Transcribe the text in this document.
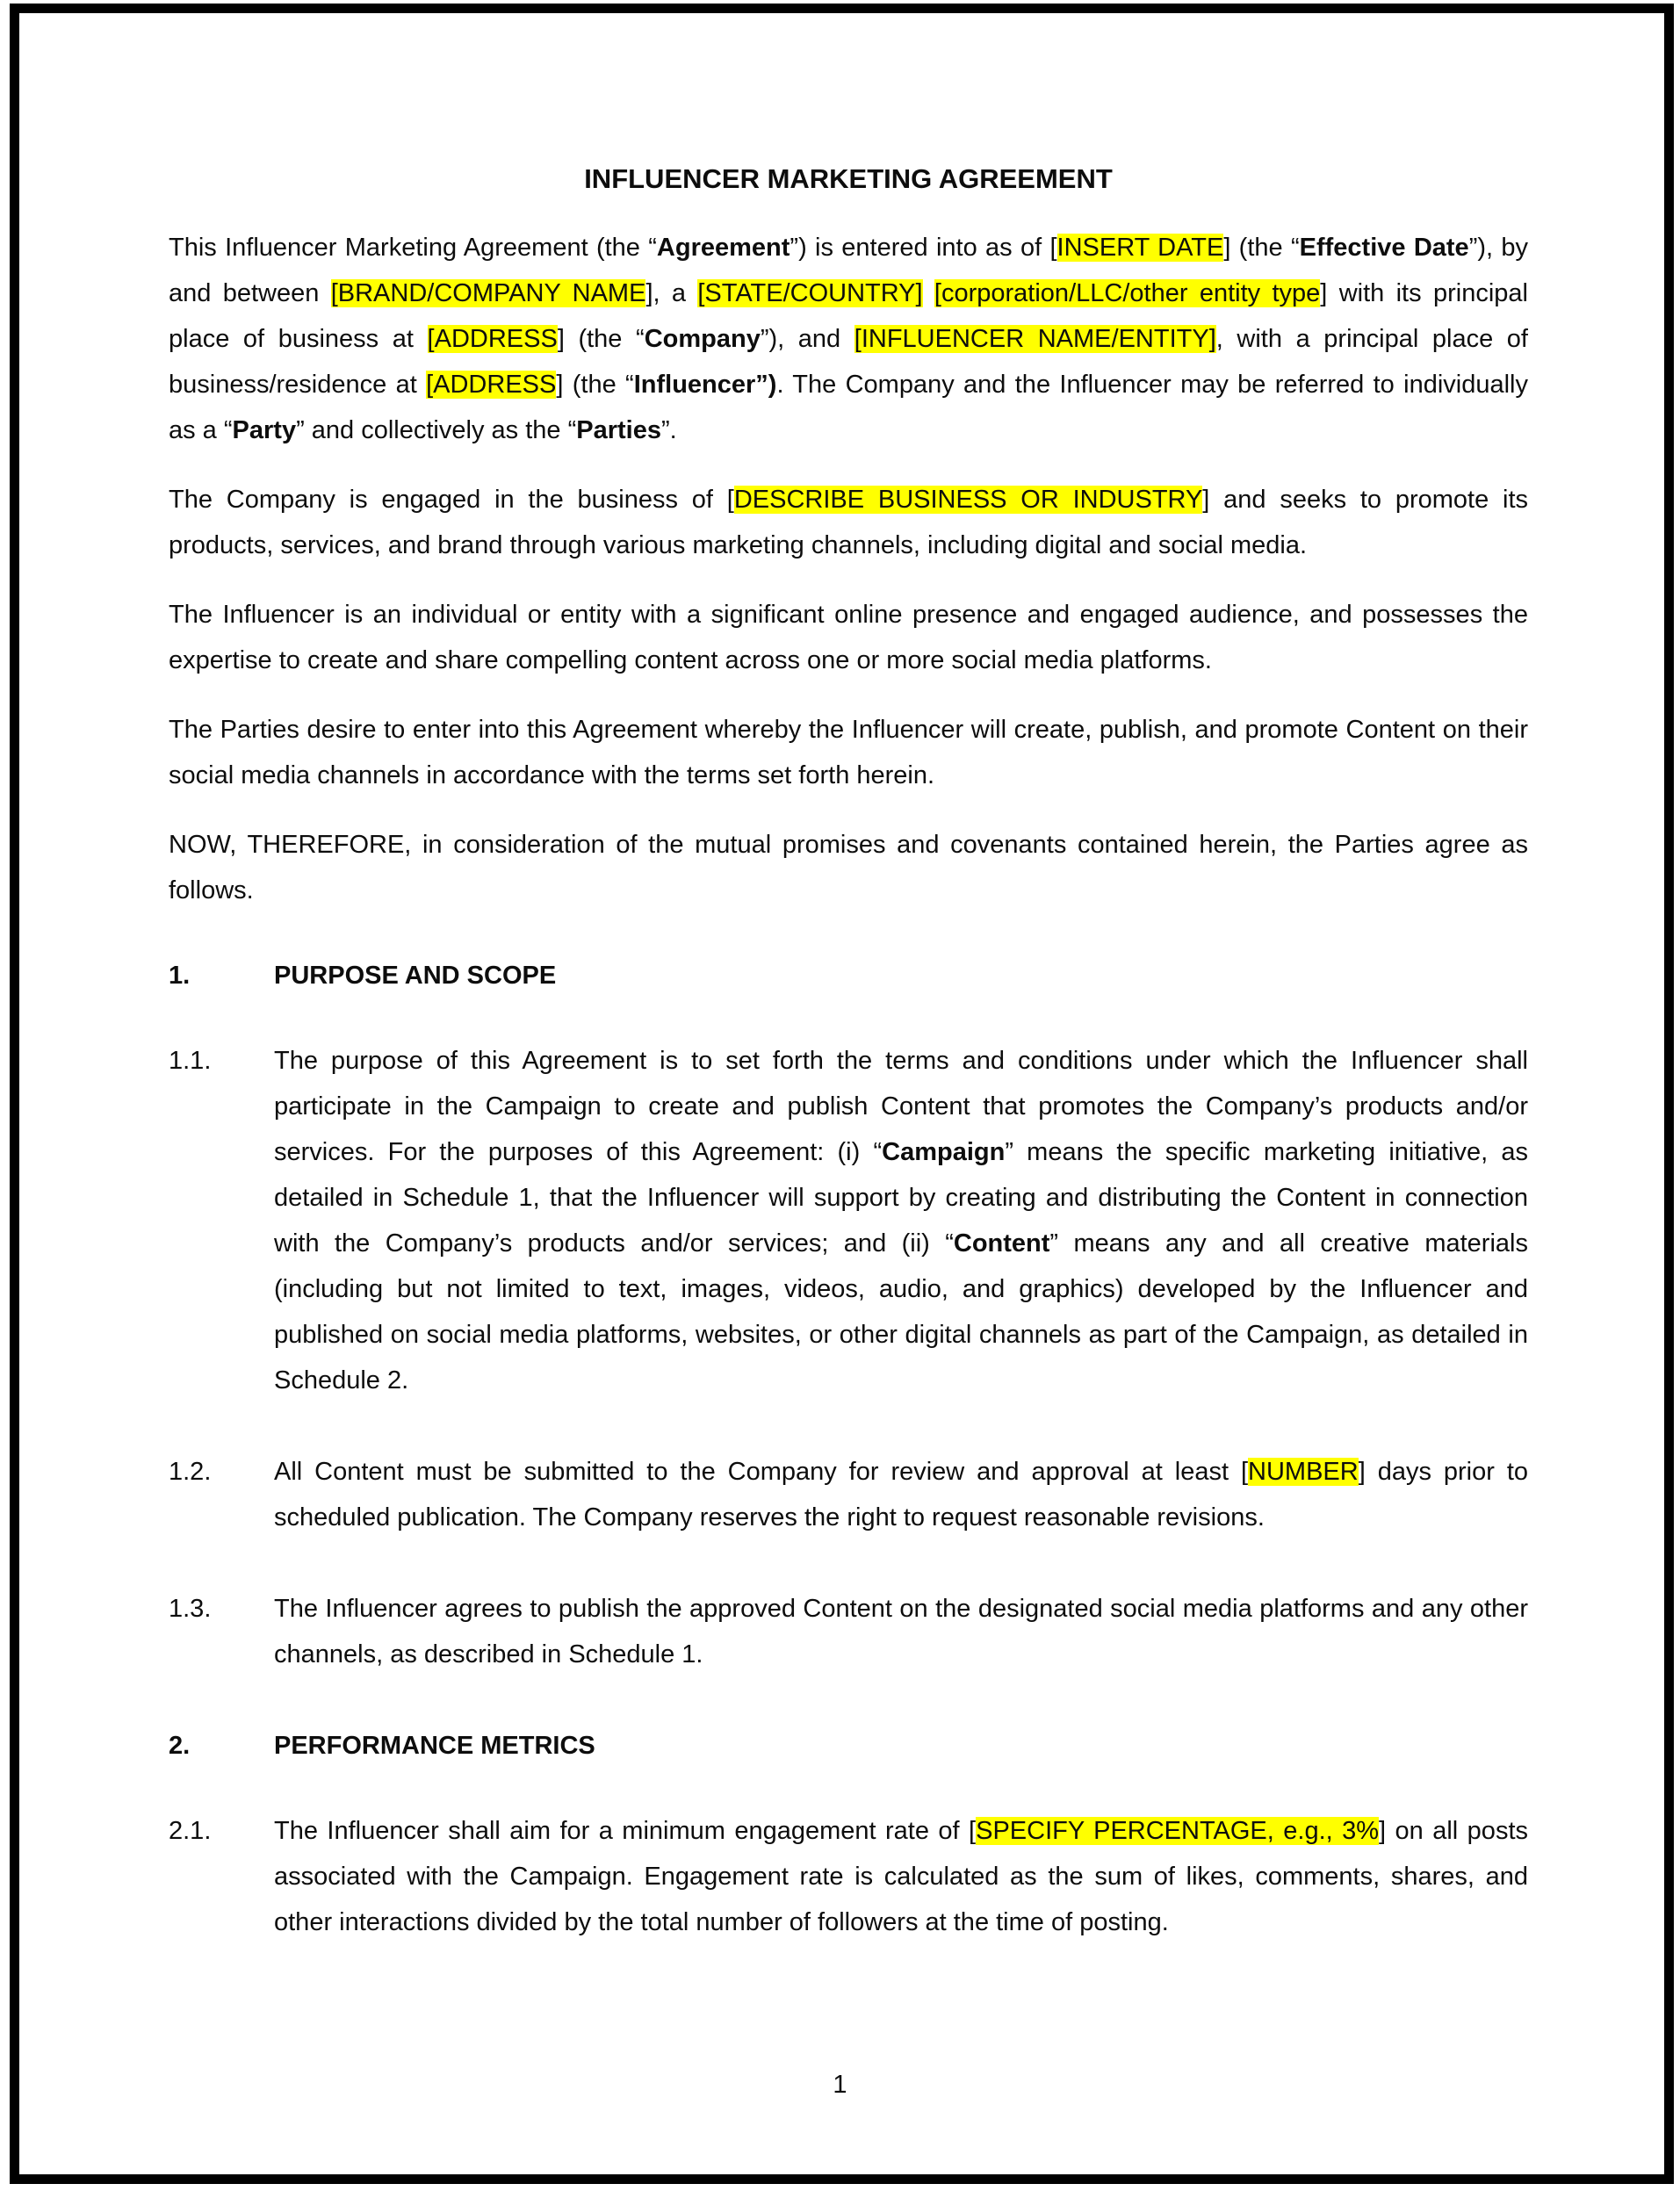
INFLUENCER MARKETING AGREEMENT
This Influencer Marketing Agreement (the “Agreement”) is entered into as of [INSERT DATE] (the “Effective Date”), by and between [BRAND/COMPANY NAME], a [STATE/COUNTRY] [corporation/LLC/other entity type] with its principal place of business at [ADDRESS] (the “Company”), and [INFLUENCER NAME/ENTITY], with a principal place of business/residence at [ADDRESS] (the “Influencer”). The Company and the Influencer may be referred to individually as a “Party” and collectively as the “Parties”.
The Company is engaged in the business of [DESCRIBE BUSINESS OR INDUSTRY] and seeks to promote its products, services, and brand through various marketing channels, including digital and social media.
The Influencer is an individual or entity with a significant online presence and engaged audience, and possesses the expertise to create and share compelling content across one or more social media platforms.
The Parties desire to enter into this Agreement whereby the Influencer will create, publish, and promote Content on their social media channels in accordance with the terms set forth herein.
NOW, THEREFORE, in consideration of the mutual promises and covenants contained herein, the Parties agree as follows.
1.	PURPOSE AND SCOPE
1.1. The purpose of this Agreement is to set forth the terms and conditions under which the Influencer shall participate in the Campaign to create and publish Content that promotes the Company’s products and/or services. For the purposes of this Agreement: (i) “Campaign” means the specific marketing initiative, as detailed in Schedule 1, that the Influencer will support by creating and distributing the Content in connection with the Company’s products and/or services; and (ii) “Content” means any and all creative materials (including but not limited to text, images, videos, audio, and graphics) developed by the Influencer and published on social media platforms, websites, or other digital channels as part of the Campaign, as detailed in Schedule 2.
1.2. All Content must be submitted to the Company for review and approval at least [NUMBER] days prior to scheduled publication. The Company reserves the right to request reasonable revisions.
1.3. The Influencer agrees to publish the approved Content on the designated social media platforms and any other channels, as described in Schedule 1.
2.	PERFORMANCE METRICS
2.1. The Influencer shall aim for a minimum engagement rate of [SPECIFY PERCENTAGE, e.g., 3%] on all posts associated with the Campaign. Engagement rate is calculated as the sum of likes, comments, shares, and other interactions divided by the total number of followers at the time of posting.
1
